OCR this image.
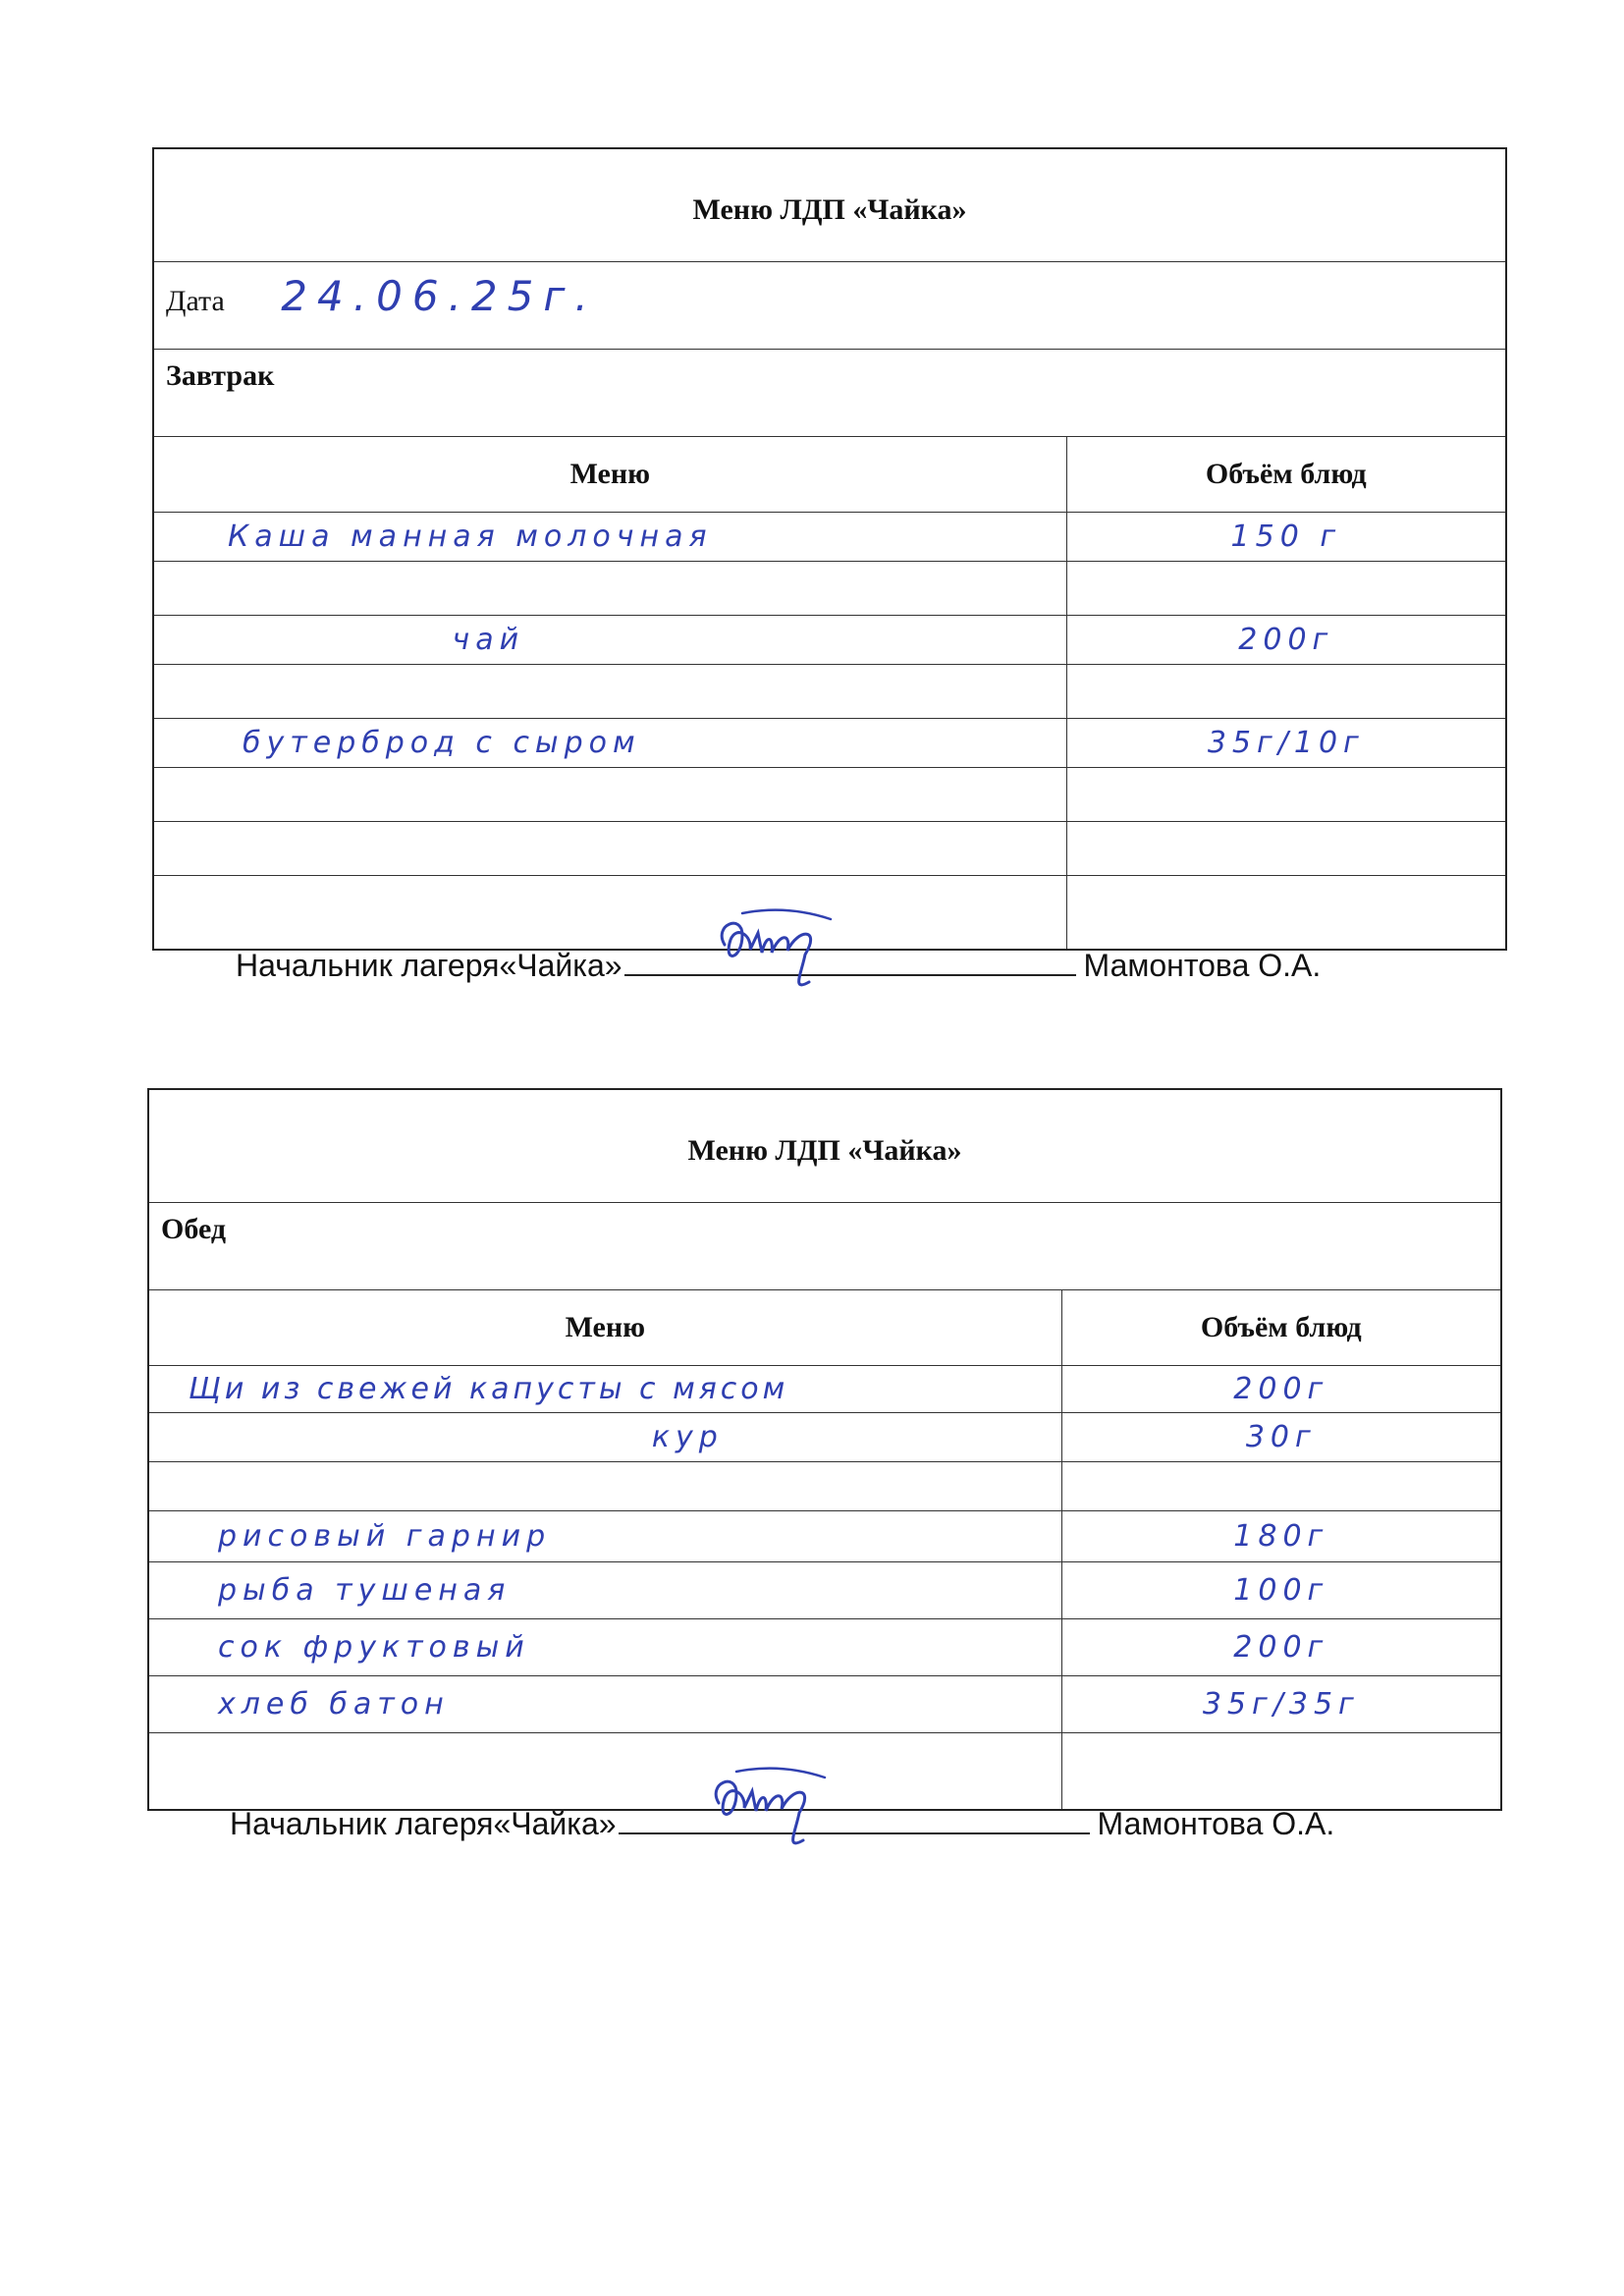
Меню ЛДП «Чайка»	
Дата 24.06.25г.	
Завтрак	
Меню	Объём блюд
Каша манная молочная	150 г

чай	200г

бутерброд с сыром	35г/10г

Начальник лагеря«Чайка»	Мамонтова О.А.
Меню ЛДП «Чайка»	
Обед	
Меню	Объём блюд
Щи из свежей капусты с мясом	200г
кур	30г

рисовый гарнир	180г
рыба тушеная	100г
сок фруктовый	200г
хлеб батон	35г/35г

Начальник лагеря«Чайка»	Мамонтова О.А.
